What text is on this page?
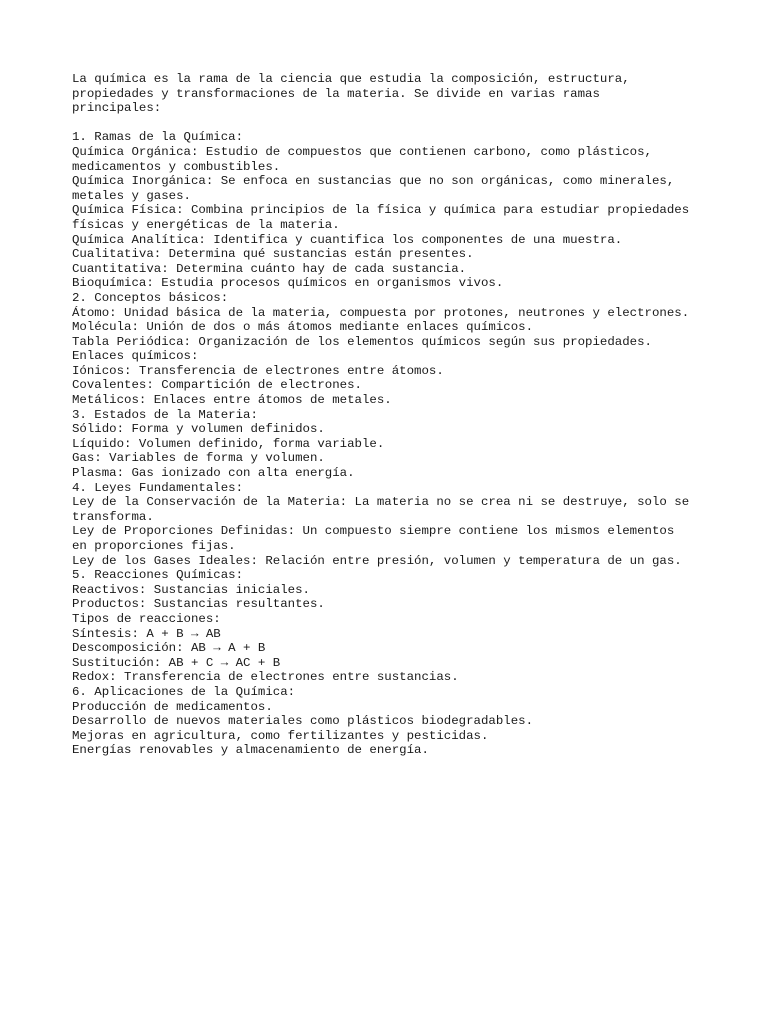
La química es la rama de la ciencia que estudia la composición, estructura,
propiedades y transformaciones de la materia. Se divide en varias ramas
principales:
1. Ramas de la Química:
Química Orgánica: Estudio de compuestos que contienen carbono, como plásticos,
medicamentos y combustibles.
Química Inorgánica: Se enfoca en sustancias que no son orgánicas, como minerales,
metales y gases.
Química Física: Combina principios de la física y química para estudiar propiedades
físicas y energéticas de la materia.
Química Analítica: Identifica y cuantifica los componentes de una muestra.
Cualitativa: Determina qué sustancias están presentes.
Cuantitativa: Determina cuánto hay de cada sustancia.
Bioquímica: Estudia procesos químicos en organismos vivos.
2. Conceptos básicos:
Átomo: Unidad básica de la materia, compuesta por protones, neutrones y electrones.
Molécula: Unión de dos o más átomos mediante enlaces químicos.
Tabla Periódica: Organización de los elementos químicos según sus propiedades.
Enlaces químicos:
Iónicos: Transferencia de electrones entre átomos.
Covalentes: Compartición de electrones.
Metálicos: Enlaces entre átomos de metales.
3. Estados de la Materia:
Sólido: Forma y volumen definidos.
Líquido: Volumen definido, forma variable.
Gas: Variables de forma y volumen.
Plasma: Gas ionizado con alta energía.
4. Leyes Fundamentales:
Ley de la Conservación de la Materia: La materia no se crea ni se destruye, solo se
transforma.
Ley de Proporciones Definidas: Un compuesto siempre contiene los mismos elementos
en proporciones fijas.
Ley de los Gases Ideales: Relación entre presión, volumen y temperatura de un gas.
5. Reacciones Químicas:
Reactivos: Sustancias iniciales.
Productos: Sustancias resultantes.
Tipos de reacciones:
Síntesis: A + B → AB
Descomposición: AB → A + B
Sustitución: AB + C → AC + B
Redox: Transferencia de electrones entre sustancias.
6. Aplicaciones de la Química:
Producción de medicamentos.
Desarrollo de nuevos materiales como plásticos biodegradables.
Mejoras en agricultura, como fertilizantes y pesticidas.
Energías renovables y almacenamiento de energía.
